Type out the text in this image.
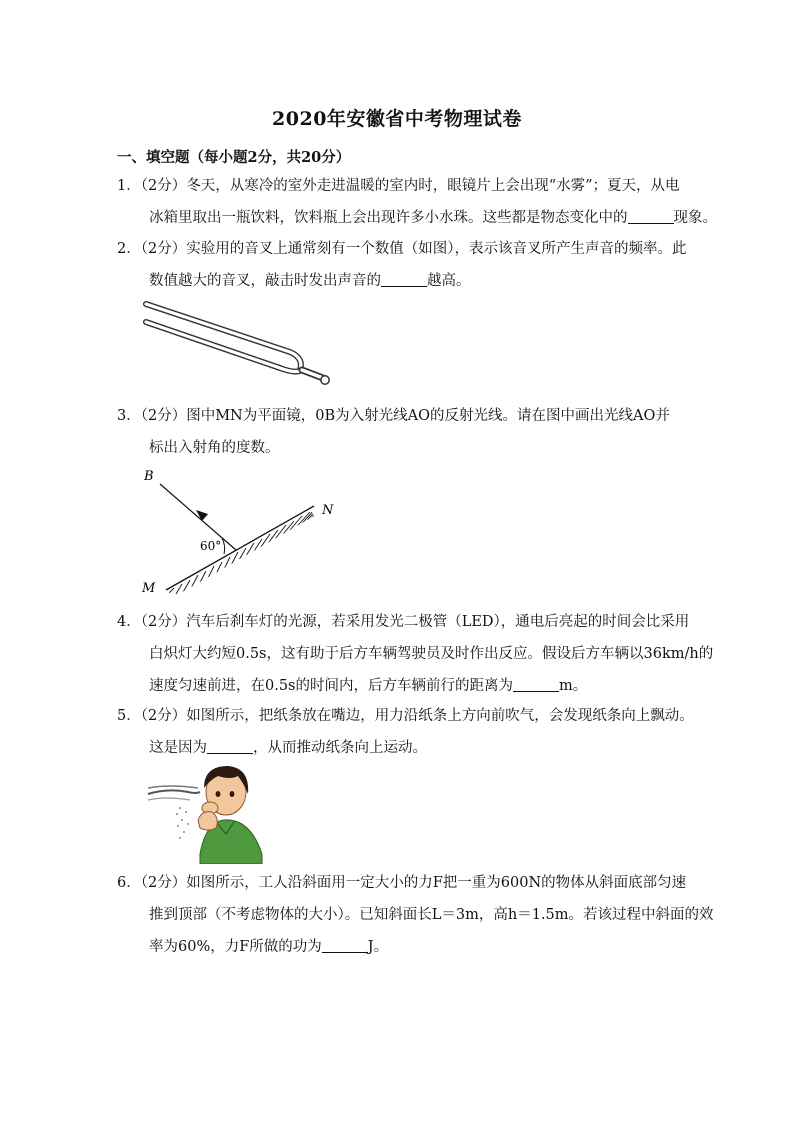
2020年安徽省中考物理试卷
一、填空题（每小题2分，共20分）
1．（2分）冬天，从寒冷的室外走进温暖的室内时，眼镜片上会出现“水雾”；夏天，从电
冰箱里取出一瓶饮料，饮料瓶上会出现许多小水珠。这些都是物态变化中的	现象。
2．（2分）实验用的音叉上通常刻有一个数值（如图），表示该音叉所产生声音的频率。此
数值越大的音叉，敲击时发出声音的	越高。
3．（2分）图中MN为平面镜，0B为入射光线AO的反射光线。请在图中画出光线AO并
标出入射角的度数。
B
N
M
60°
4．（2分）汽车后刹车灯的光源，若采用发光二极管（LED），通电后亮起的时间会比采用
白炽灯大约短0.5s，这有助于后方车辆驾驶员及时作出反应。假设后方车辆以36km/h的
速度匀速前进，在0.5s的时间内，后方车辆前行的距离为	m。
5．（2分）如图所示，把纸条放在嘴边，用力沿纸条上方向前吹气，会发现纸条向上飘动。
这是因为	，从而推动纸条向上运动。
6．（2分）如图所示，工人沿斜面用一定大小的力F把一重为600N的物体从斜面底部匀速
推到顶部（不考虑物体的大小）。已知斜面长L＝3m，高h＝1.5m。若该过程中斜面的效
率为60%，力F所做的功为	J。
